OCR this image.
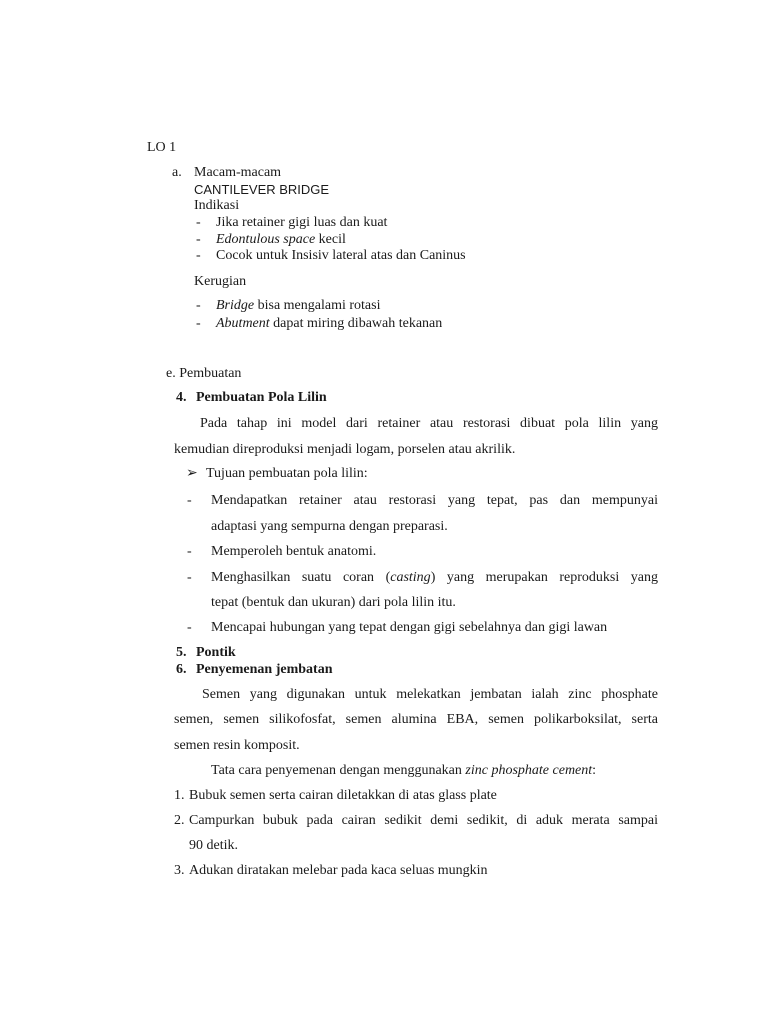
LO 1
a. Macam-macam
CANTILEVER BRIDGE
Indikasi
- Jika retainer gigi luas dan kuat
- Edontulous space kecil
- Cocok untuk Insisiv lateral atas dan Caninus
Kerugian
- Bridge bisa mengalami rotasi
- Abutment dapat miring dibawah tekanan
e. Pembuatan
4. Pembuatan Pola Lilin
Pada tahap ini model dari retainer atau restorasi dibuat pola lilin yang
kemudian direproduksi menjadi logam, porselen atau akrilik.
➢ Tujuan pembuatan pola lilin:
- Mendapatkan retainer atau restorasi yang tepat, pas dan mempunyai
adaptasi yang sempurna dengan preparasi.
- Memperoleh bentuk anatomi.
- Menghasilkan suatu coran (casting) yang merupakan reproduksi yang
tepat (bentuk dan ukuran) dari pola lilin itu.
- Mencapai hubungan yang tepat dengan gigi sebelahnya dan gigi lawan
5. Pontik
6. Penyemenan jembatan
Semen yang digunakan untuk melekatkan jembatan ialah zinc phosphate
semen, semen silikofosfat, semen alumina EBA, semen polikarboksilat, serta
semen resin komposit.
Tata cara penyemenan dengan menggunakan zinc phosphate cement:
1. Bubuk semen serta cairan diletakkan di atas glass plate
2. Campurkan bubuk pada cairan sedikit demi sedikit, di aduk merata sampai
90 detik.
3. Adukan diratakan melebar pada kaca seluas mungkin
